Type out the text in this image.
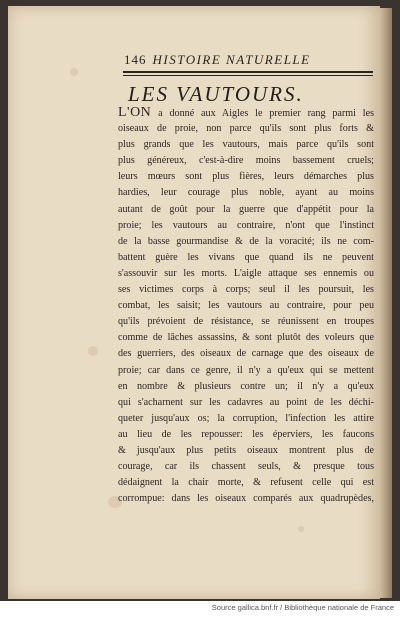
146 HISTOIRE NATURELLE
LES VAUTOURS.
L'ON a donné aux Aigles le premier rang parmi les
oiseaux de proie, non parce qu'ils sont plus forts &
plus grands que les vautours, mais parce qu'ils sont
plus généreux, c'est-à-dire moins bassement cruels;
leurs mœurs sont plus fières, leurs démarches plus
hardies, leur courage plus noble, ayant au moins
autant de goût pour la guerre que d'appétit pour la
proie; les vautours au contraire, n'ont que l'instinct
de la basse gourmandise & de la voracité; ils ne com-
battent guère les vivans que quand ils ne peuvent
s'assouvir sur les morts. L'aigle attaque ses ennemis ou
ses victimes corps à corps; seul il les poursuit, les
combat, les saisit; les vautours au contraire, pour peu
qu'ils prévoient de résistance, se réunissent en troupes
comme de lâches assassins, & sont plutôt des voleurs que
des guerriers, des oiseaux de carnage que des oiseaux de
proie; car dans ce genre, il n'y a qu'eux qui se mettent
en nombre & plusieurs contre un; il n'y a qu'eux
qui s'acharnent sur les cadavres au point de les déchi-
queter jusqu'aux os; la corruption, l'infection les attire
au lieu de les repousser: les éperviers, les faucons
& jusqu'aux plus petits oiseaux montrent plus de
courage, car ils chassent seuls, & presque tous
dédaignent la chair morte, & refusent celle qui est
corrompue: dans les oiseaux comparés aux quadrupèdes,
Source gallica.bnf.fr / Bibliothèque nationale de France
